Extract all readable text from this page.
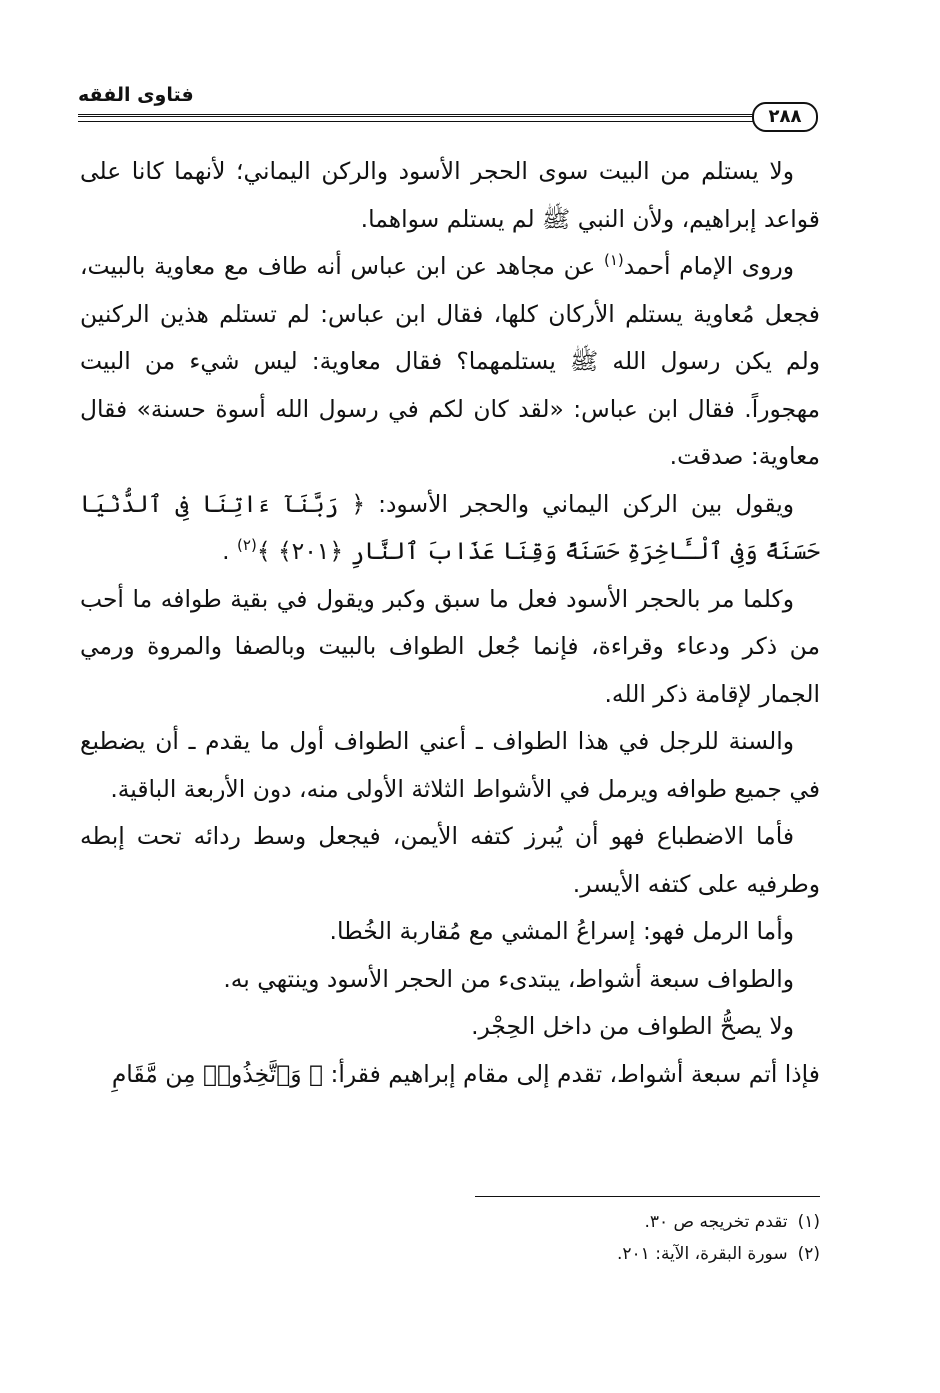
فتاوى الفقه
٢٨٨

ولا يستلم من البيت سوى الحجر الأسود والركن اليماني؛ لأنهما كانا على قواعد إبراهيم، ولأن النبي ﷺ لم يستلم سواهما.

وروى الإمام أحمد$^{(١)}$ عن مجاهد عن ابن عباس أنه طاف مع معاوية بالبيت، فجعل مُعاوية يستلم الأركان كلها، فقال ابن عباس: لم تستلم هذين الركنين ولم يكن رسول الله ﷺ يستلمهما؟ فقال معاوية: ليس شيء من البيت مهجوراً. فقال ابن عباس: «لقد كان لكم في رسول الله أسوة حسنة» فقال معاوية: صدقت.

ويقول بين الركن اليماني والحجر الأسود: ﴿ رَبَّنَآ ءَاتِنَا فِى ٱلدُّنْيَا حَسَنَةً وَفِى ٱلْـَٔاخِرَةِ حَسَنَةً وَقِنَا عَذَابَ ٱلنَّارِ ﴿٢٠١﴾ ﴾$^{(٢)}$ .

وكلما مر بالحجر الأسود فعل ما سبق وكبر ويقول في بقية طوافه ما أحب من ذكر ودعاء وقراءة، فإنما جُعل الطواف بالبيت وبالصفا والمروة ورمي الجمار لإقامة ذكر الله.

والسنة للرجل في هذا الطواف ـ أعني الطواف أول ما يقدم ـ أن يضطبع في جميع طوافه ويرمل في الأشواط الثلاثة الأولى منه، دون الأربعة الباقية.

فأما الاضطباع فهو أن يُبرز كتفه الأيمن، فيجعل وسط ردائه تحت إبطه وطرفيه على كتفه الأيسر.

وأما الرمل فهو: إسراعُ المشي مع مُقاربة الخُطا.

والطواف سبعة أشواط، يبتدىء من الحجر الأسود وينتهي به.

ولا يصحُّ الطواف من داخل الحِجْر.

فإذا أتم سبعة أشواط، تقدم إلى مقام إبراهيم فقرأ: ﴿ وَٱتَّخِذُوا۟ مِن مَّقَامِ

(١)تقدم تخريجه ص ٣٠.

(٢)سورة البقرة، الآية: ٢٠١.
